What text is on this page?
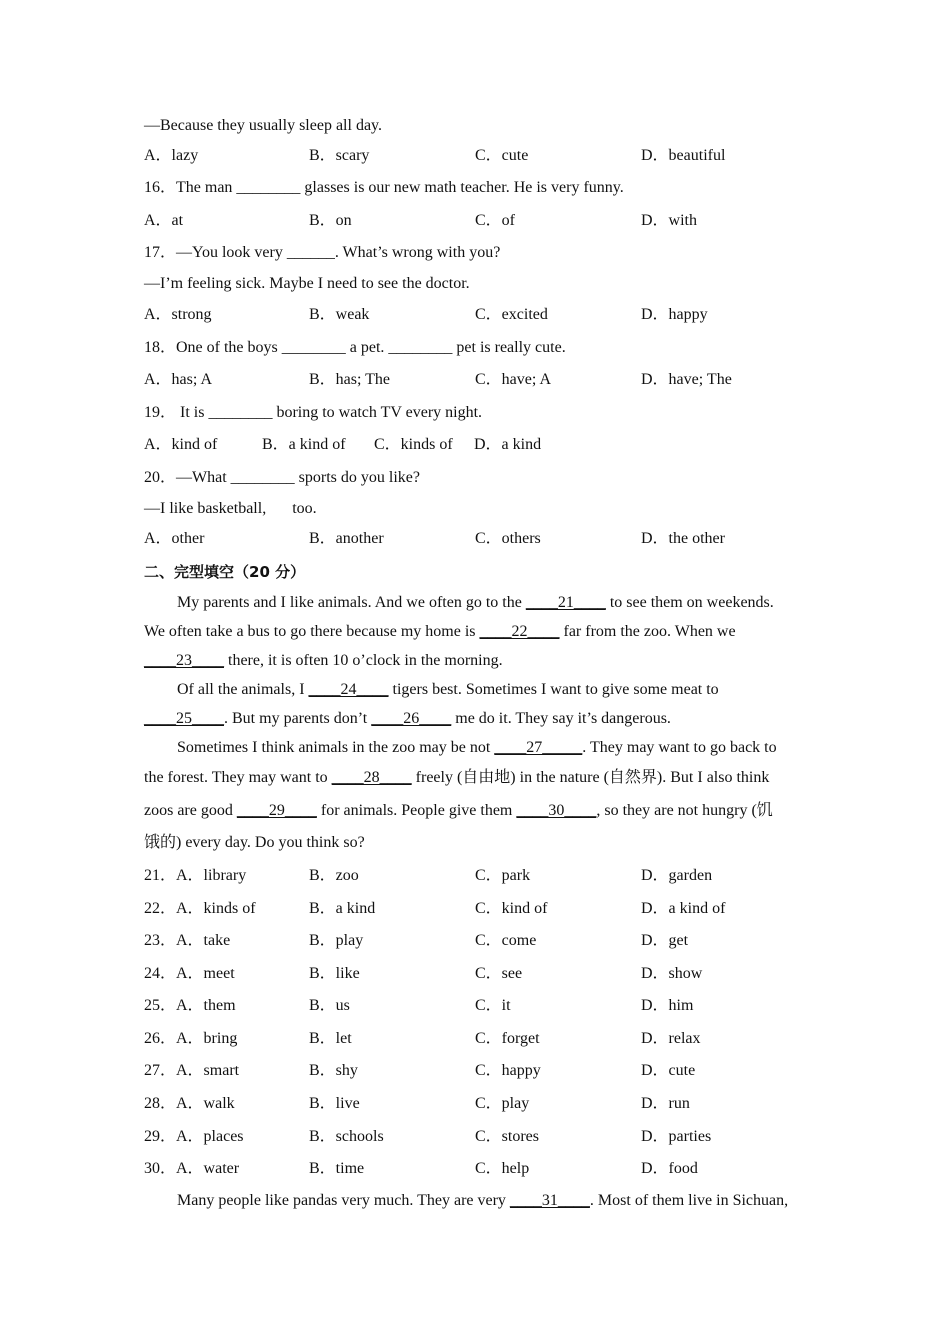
—Because they usually sleep all day.
A．lazy	B．scary	C．cute	D．beautiful
16．The man ________ glasses is our new math teacher. He is very funny.
A．at	B．on	C．of	D．with
17．—You look very ______. What’s wrong with you?
—I’m feeling sick. Maybe I need to see the doctor.
A．strong	B．weak	C．excited	D．happy
18．One of the boys ________ a pet. ________ pet is really cute.
A．has; A	B．has; The	C．have; A	D．have; The
19． It is ________ boring to watch TV every night.
A．kind of	B．a kind of C．kinds of D．a kind
20．—What ________ sports do you like?
—I like basketball, too.
A．other	B．another	C．others	D．the other
二、完型填空（20 分）
My parents and I like animals. And we often go to the ____21____ to see them on weekends.
We often take a bus to go there because my home is ____22____ far from the zoo. When we
____23____ there, it is often 10 o’clock in the morning.
Of all the animals, I ____24____ tigers best. Sometimes I want to give some meat to
____25____. But my parents don’t ____26____ me do it. They say it’s dangerous.
Sometimes I think animals in the zoo may be not ____27_____. They may want to go back to
the forest. They may want to ____28____ freely (自由地) in the nature (自然界). But I also think
zoos are good ____29____ for animals. People give them ____30____, so they are not hungry (饥
饿的) every day. Do you think so?
21．A．library	B．zoo	C．park	D．garden
22．A．kinds of	B．a kind	C．kind of	D．a kind of
23．A．take	B．play	C．come	D．get
24．A．meet	B．like	C．see	D．show
25．A．them	B．us	C．it	D．him
26．A．bring	B．let	C．forget	D．relax
27．A．smart	B．shy	C．happy	D．cute
28．A．walk	B．live	C．play	D．run
29．A．places	B．schools	C．stores	D．parties
30．A．water	B．time	C．help	D．food
Many people like pandas very much. They are very ____31____. Most of them live in Sichuan,
